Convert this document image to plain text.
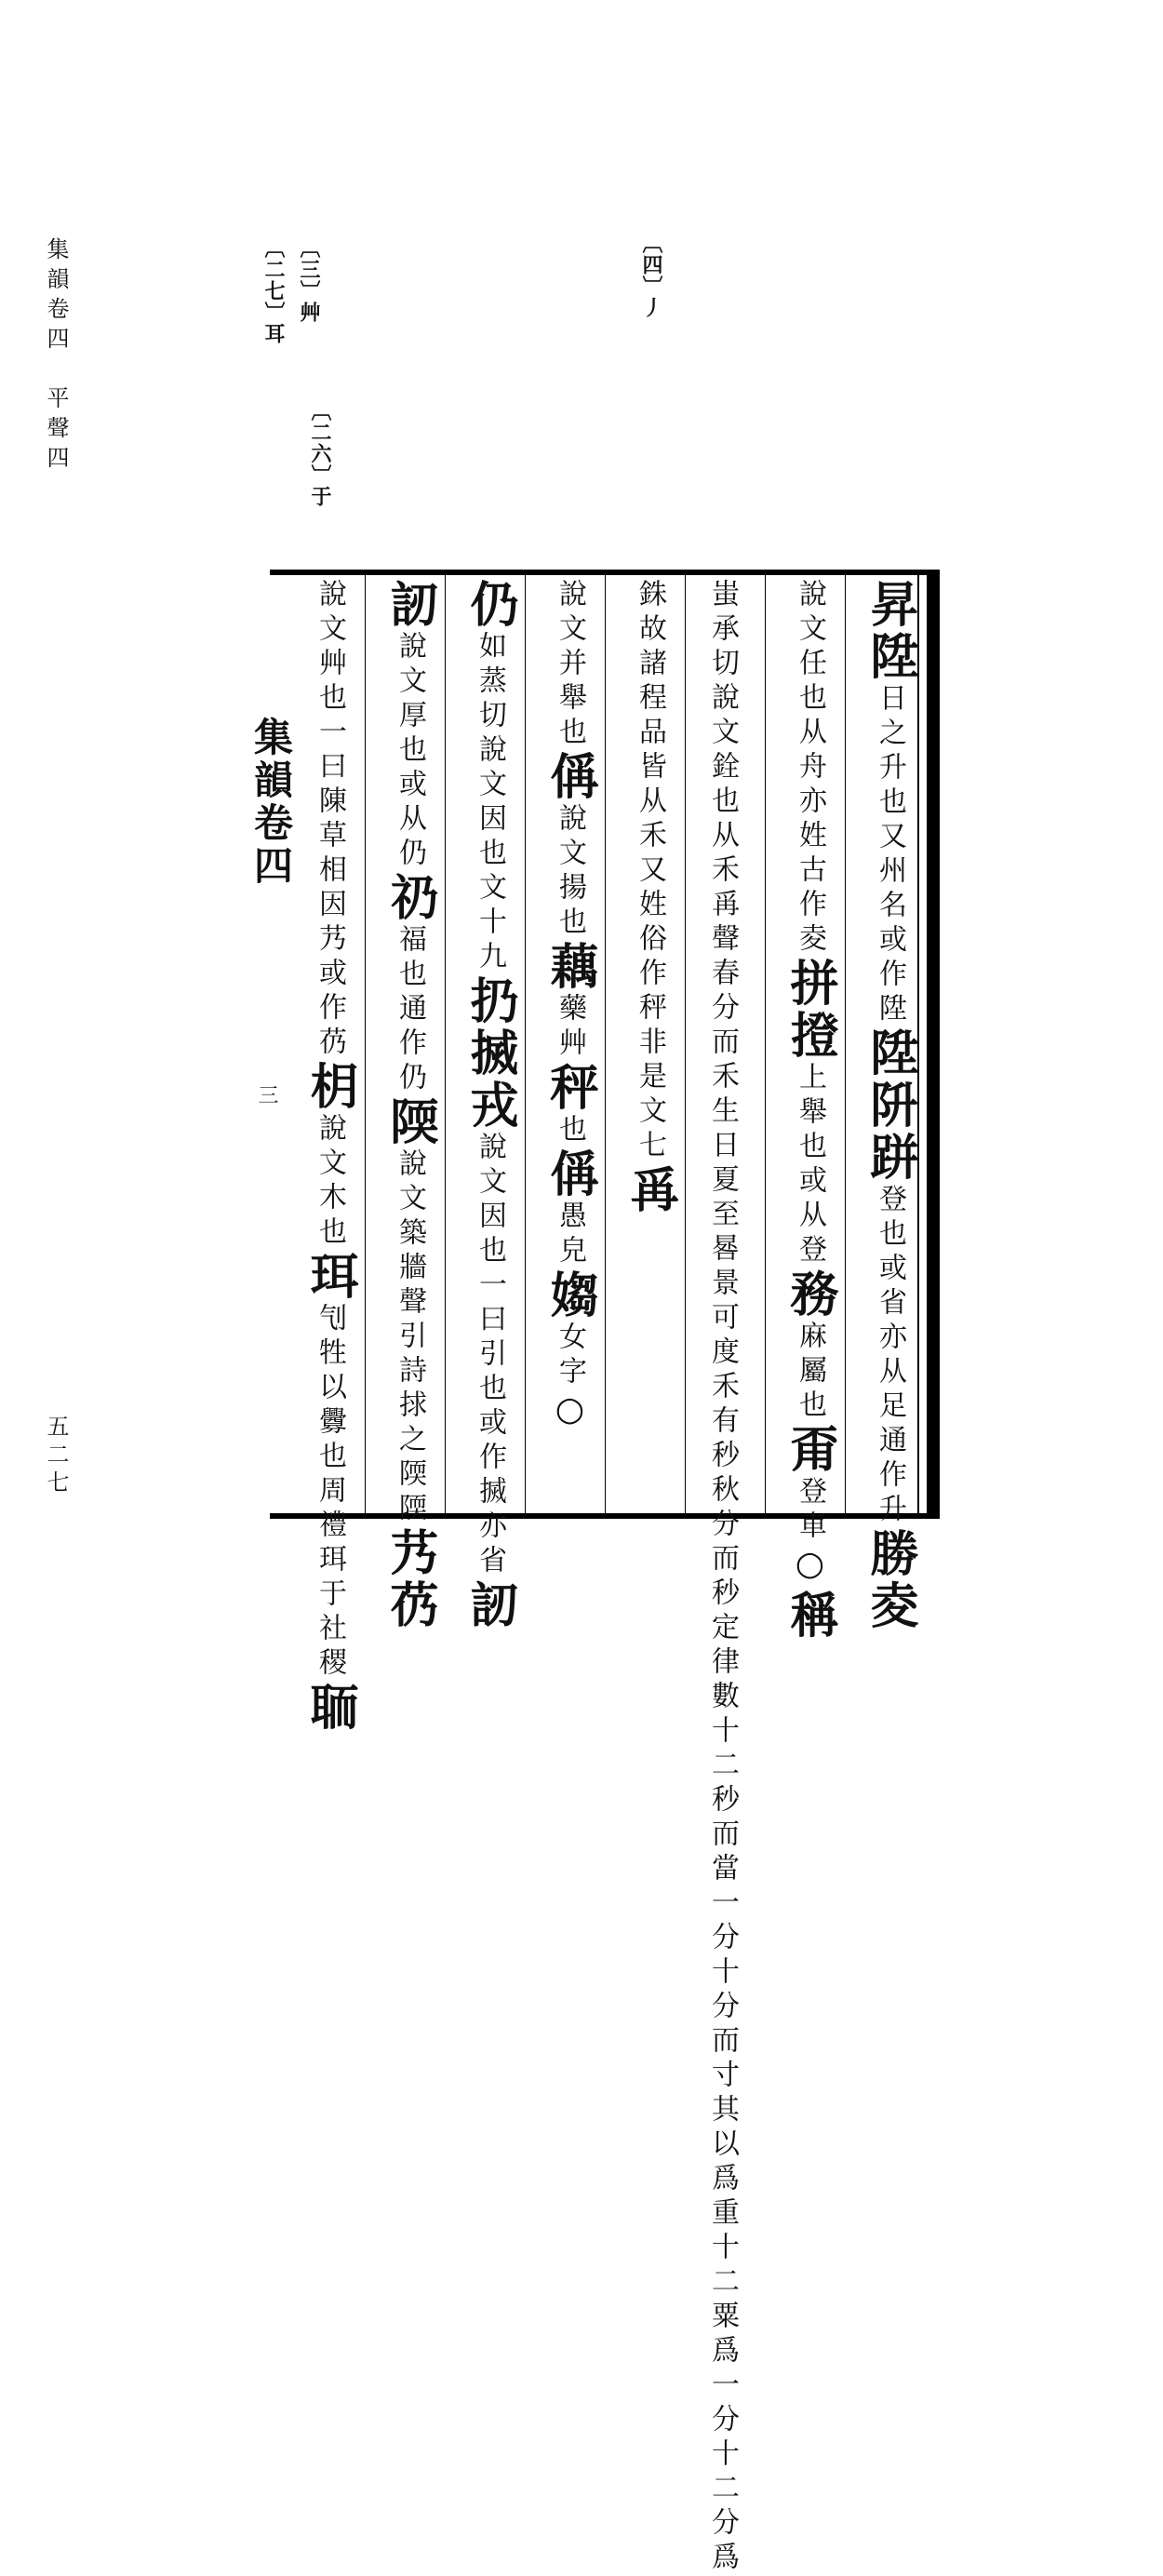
集韻卷四　平聲四
五二七
〔三〕艸
〔二七〕耳
〔二六〕于
〔四〕丿
集韻卷四
三
昇陞日之升也又州名或作陞陞阩跰登也或省亦从足通作升勝夌
說文任也从舟亦姓古作夌拼撜上舉也或从登務麻屬也甭登車○稱
蚩承切說文銓也从禾爯聲春分而禾生日夏至晷景可度禾有秒秋分而秒定律數十二秒而當一分十分而寸其以爲重十二粟爲一分十二分爲
銖故諸程品皆从禾又姓俗作秤非是文七爯
說文并舉也偁說文揚也藕藥艸秤也偁愚皃媰女字○
仍如蒸切說文因也文十九扔搣戎說文因也一曰引也或作搣亦省訒
訒說文厚也或从仍礽福也通作仍陾說文築牆聲引詩捄之陾陾艿芿
說文艸也一曰陳草相因艿或作芿枂說文木也珥刏牲以釁也周禮珥于社稷聏
